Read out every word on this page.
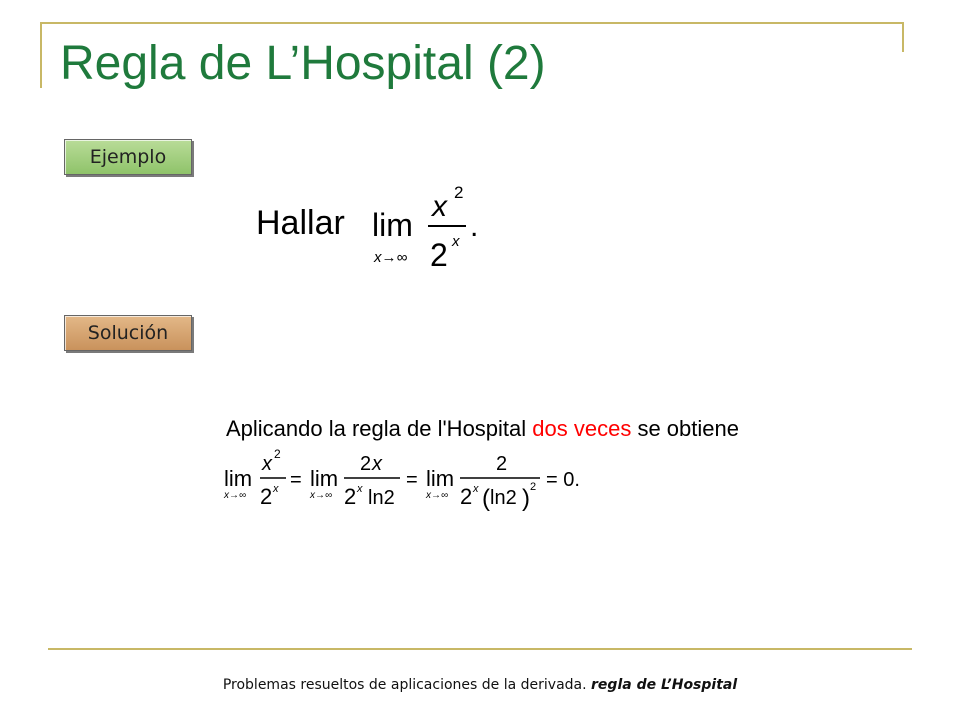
Regla de L’Hospital (2)
Ejemplo
Hallar lim
x→∞
x 2
2 x .
Solución
Aplicando la regla de l'Hospital dos veces se obtiene
lim
x→∞
x 2
2 x = lim
x→∞
2 x
2 x ln2
= lim
x→∞
2
2 x ( ln2 ) 2 = 0.
Problemas resueltos de aplicaciones de la derivada. regla de L’Hospital
